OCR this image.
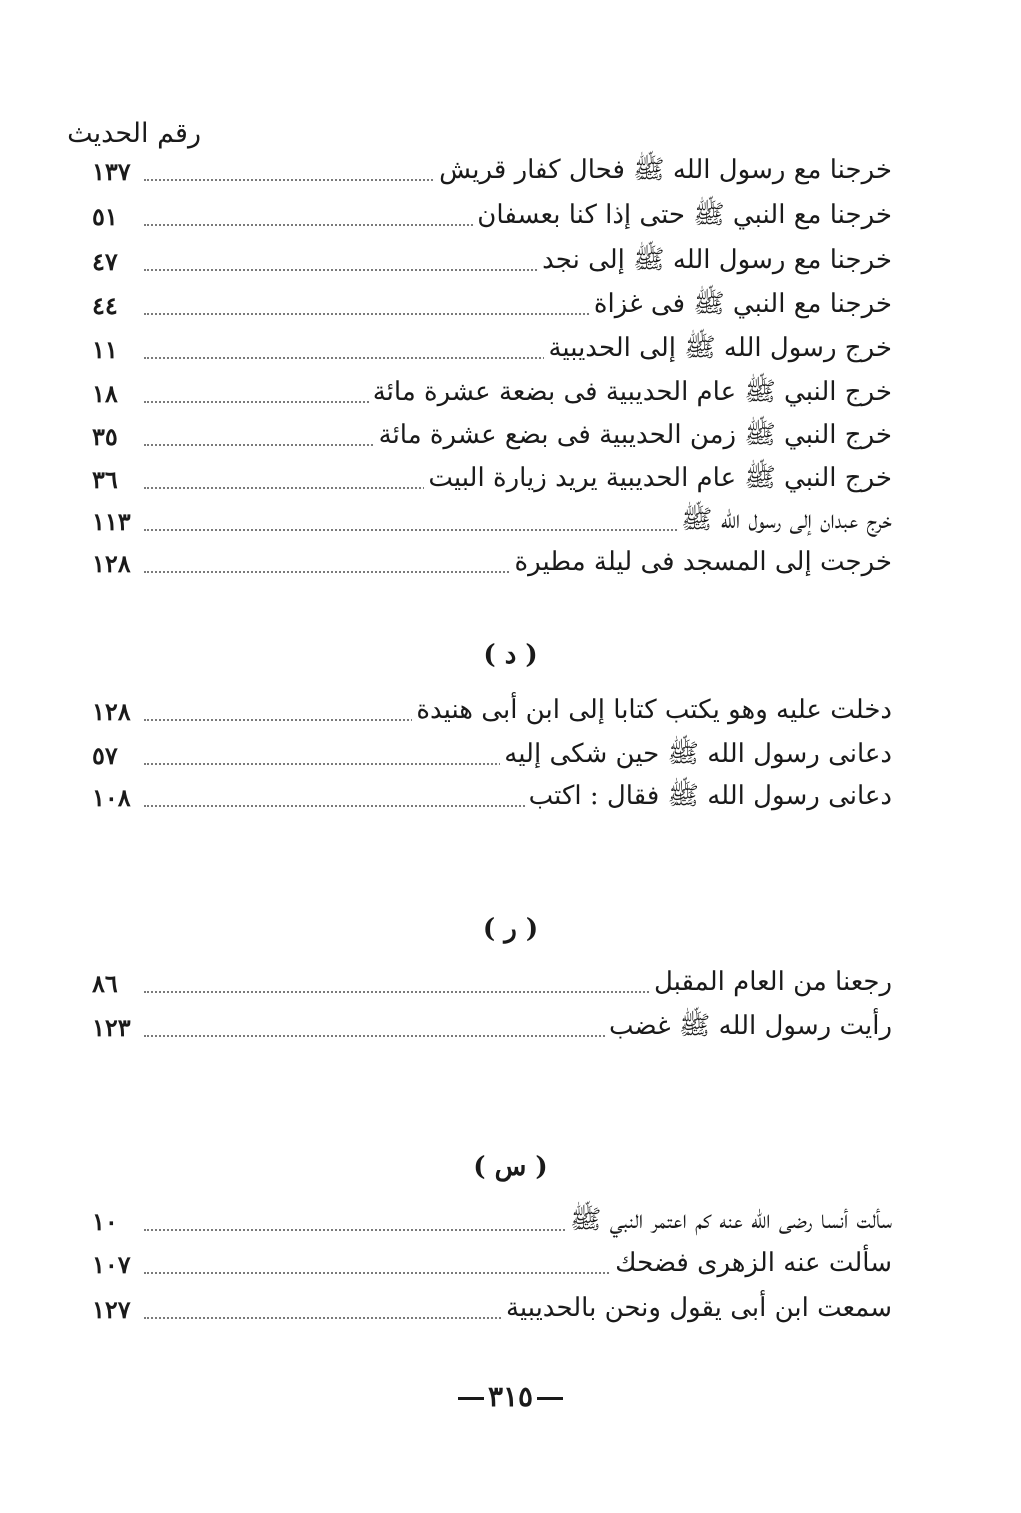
رقم الحديث
خرجنا مع رسول الله ﷺ فحال كفار قريش
١٣٧
خرجنا مع النبي ﷺ حتى إذا كنا بعسفان
٥١
خرجنا مع رسول الله ﷺ إلى نجد
٤٧
خرجنا مع النبي ﷺ فى غزاة
٤٤
خرج رسول الله ﷺ إلى الحديبية
١١
خرج النبي ﷺ عام الحديبية فى بضعة عشرة مائة
١٨
خرج النبي ﷺ زمن الحديبية فى بضع عشرة مائة
٣٥
خرج النبي ﷺ عام الحديبية يريد زيارة البيت
٣٦
خرج عبدان إلى رسول الله ﷺ
١١٣
خرجت إلى المسجد فى ليلة مطيرة
١٢٨
( د )
دخلت عليه وهو يكتب كتابا إلى ابن أبى هنيدة
١٢٨
دعانى رسول الله ﷺ حين شكى إليه
٥٧
دعانى رسول الله ﷺ فقال : اكتب
١٠٨
( ر )
رجعنا من العام المقبل
٨٦
رأيت رسول الله ﷺ غضب
١٢٣
( س )
سألت أنسا رضى الله عنه كم اعتمر النبي ﷺ
١٠
سألت عنه الزهرى فضحك
١٠٧
سمعت ابن أبى يقول ونحن بالحديبية
١٢٧
٣١٥
